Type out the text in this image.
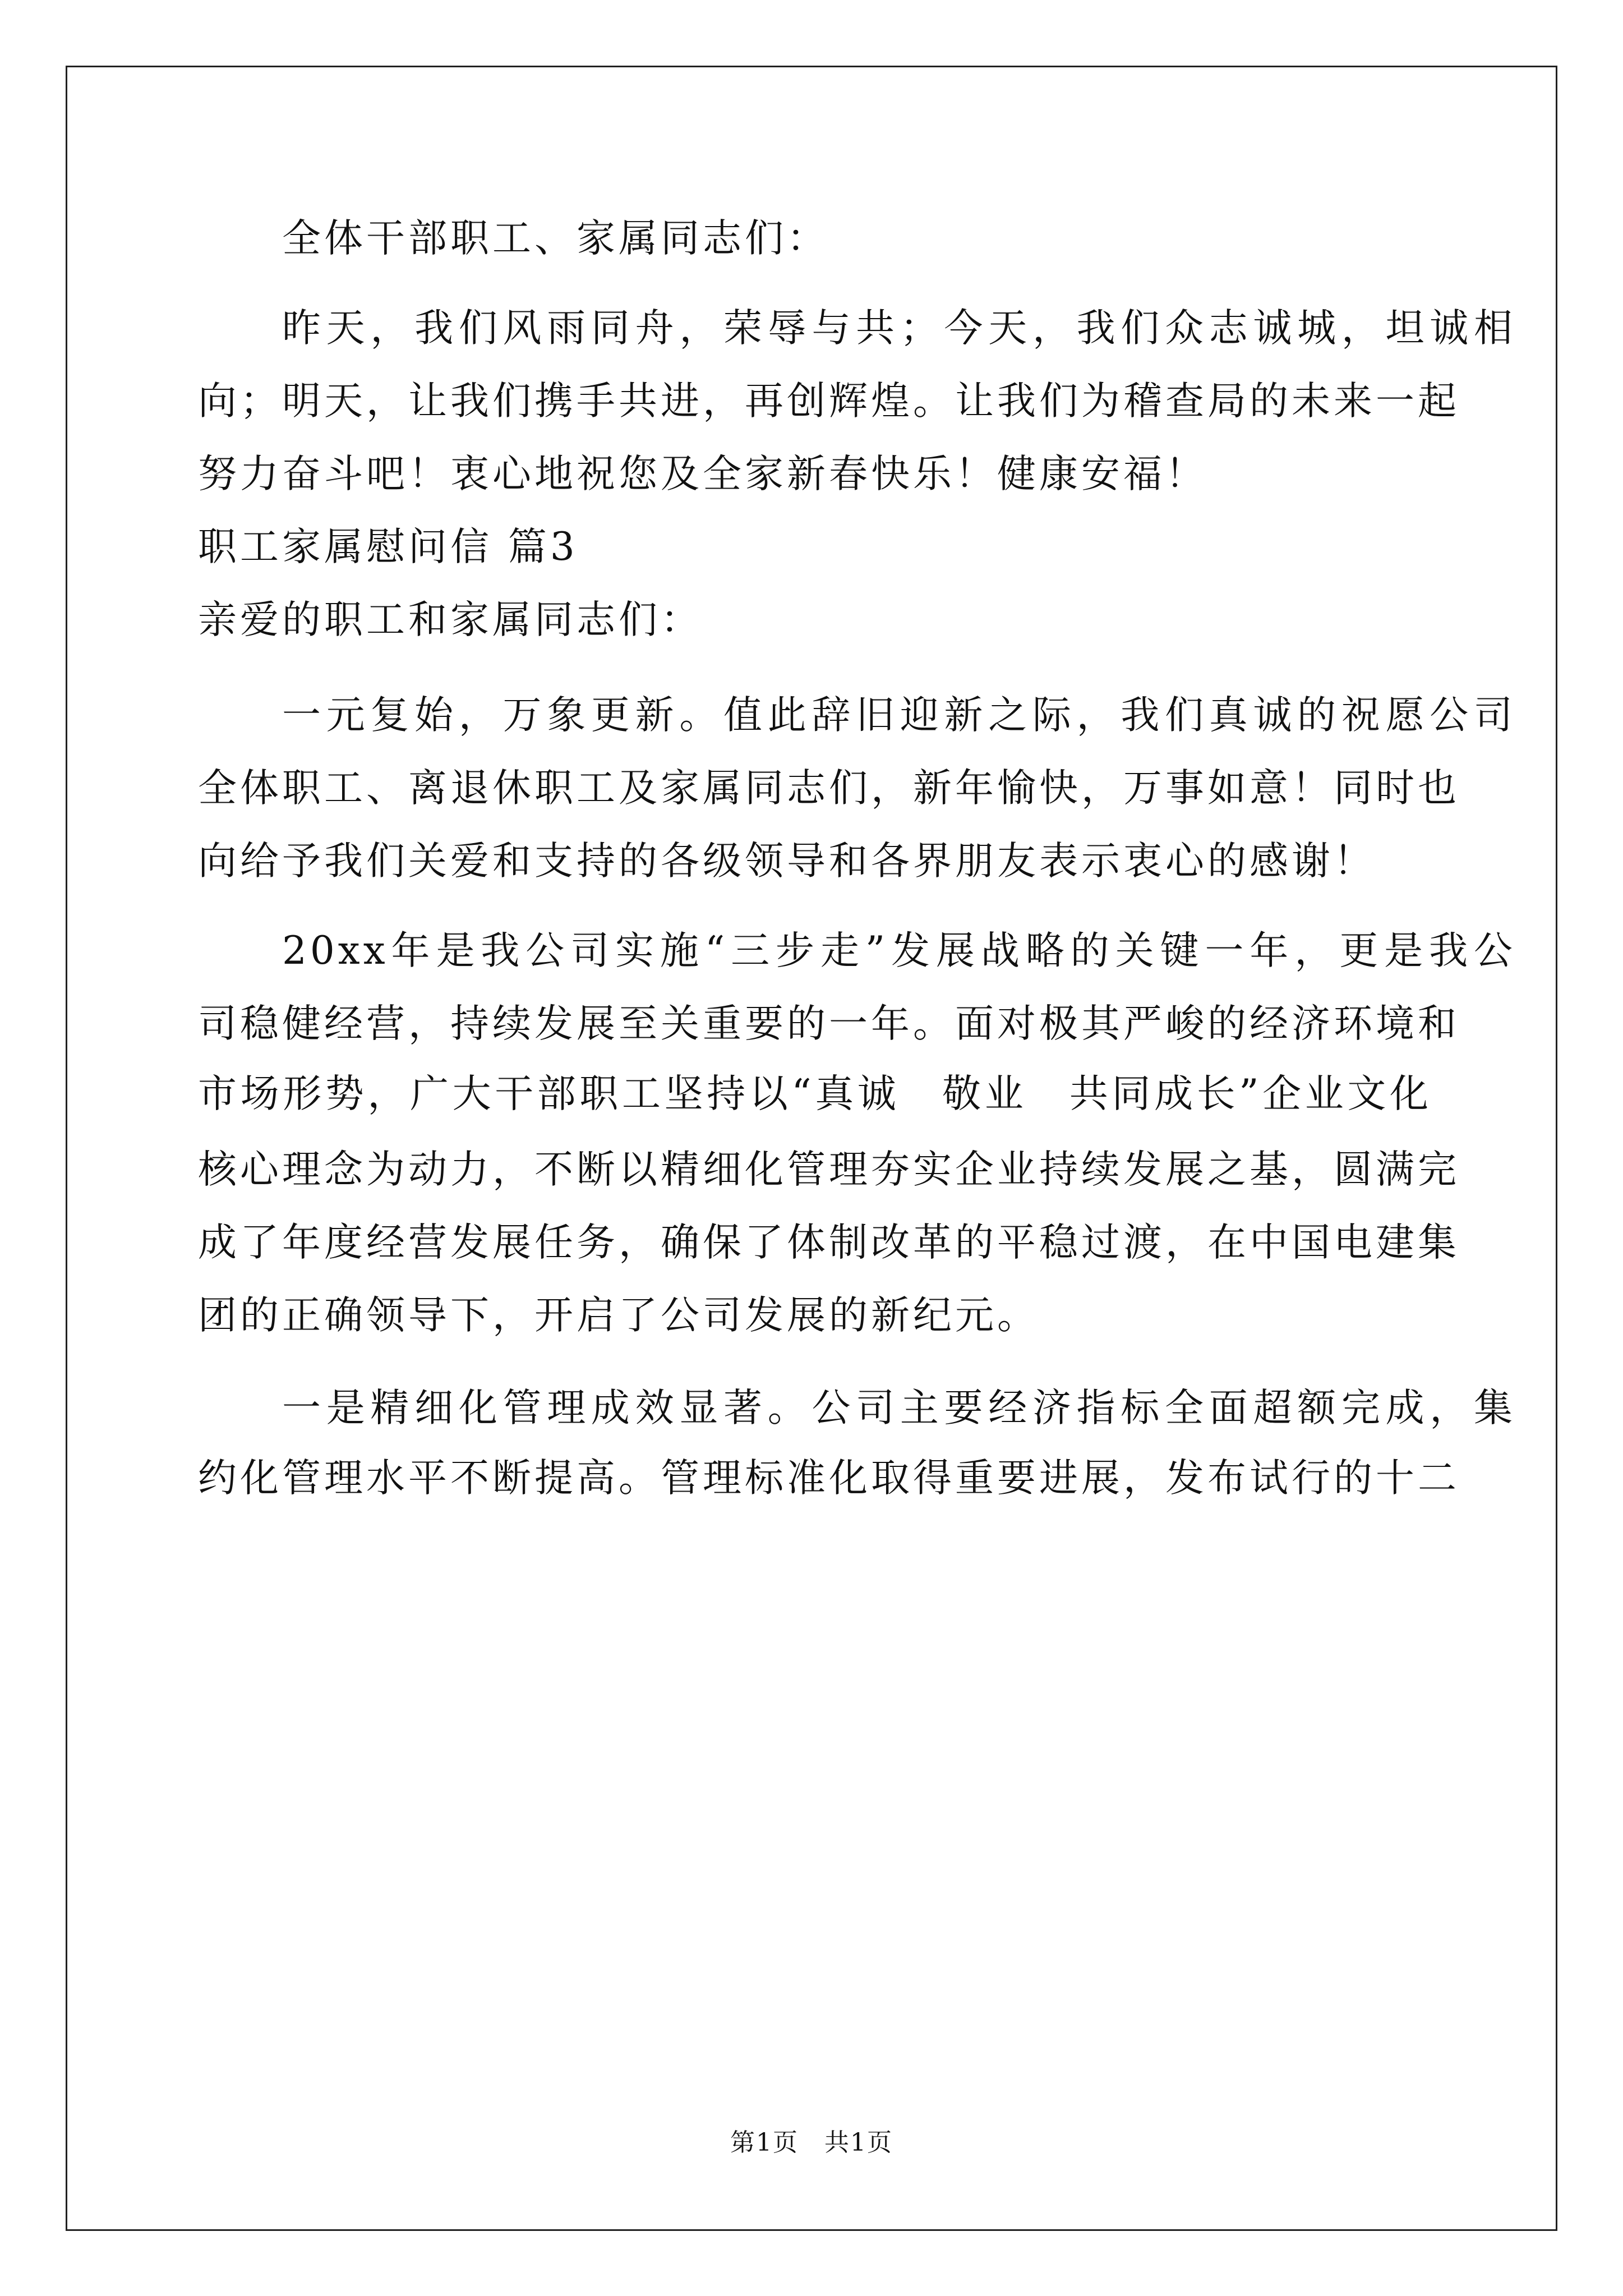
全体干部职工、家属同志们：
昨天，我们风雨同舟，荣辱与共；今天，我们众志诚城，坦诚相
向；明天，让我们携手共进，再创辉煌。让我们为稽查局的未来一起
努力奋斗吧！衷心地祝您及全家新春快乐！健康安福！
职工家属慰问信 篇3
亲爱的职工和家属同志们：
一元复始，万象更新。值此辞旧迎新之际，我们真诚的祝愿公司
全体职工、离退休职工及家属同志们，新年愉快，万事如意！同时也
向给予我们关爱和支持的各级领导和各界朋友表示衷心的感谢！
20xx年是我公司实施“三步走”发展战略的关键一年，更是我公
司稳健经营，持续发展至关重要的一年。面对极其严峻的经济环境和
市场形势，广大干部职工坚持以“真诚　敬业　共同成长”企业文化
核心理念为动力，不断以精细化管理夯实企业持续发展之基，圆满完
成了年度经营发展任务，确保了体制改革的平稳过渡，在中国电建集
团的正确领导下，开启了公司发展的新纪元。
一是精细化管理成效显著。公司主要经济指标全面超额完成，集
约化管理水平不断提高。管理标准化取得重要进展，发布试行的十二
第1页 共1页
